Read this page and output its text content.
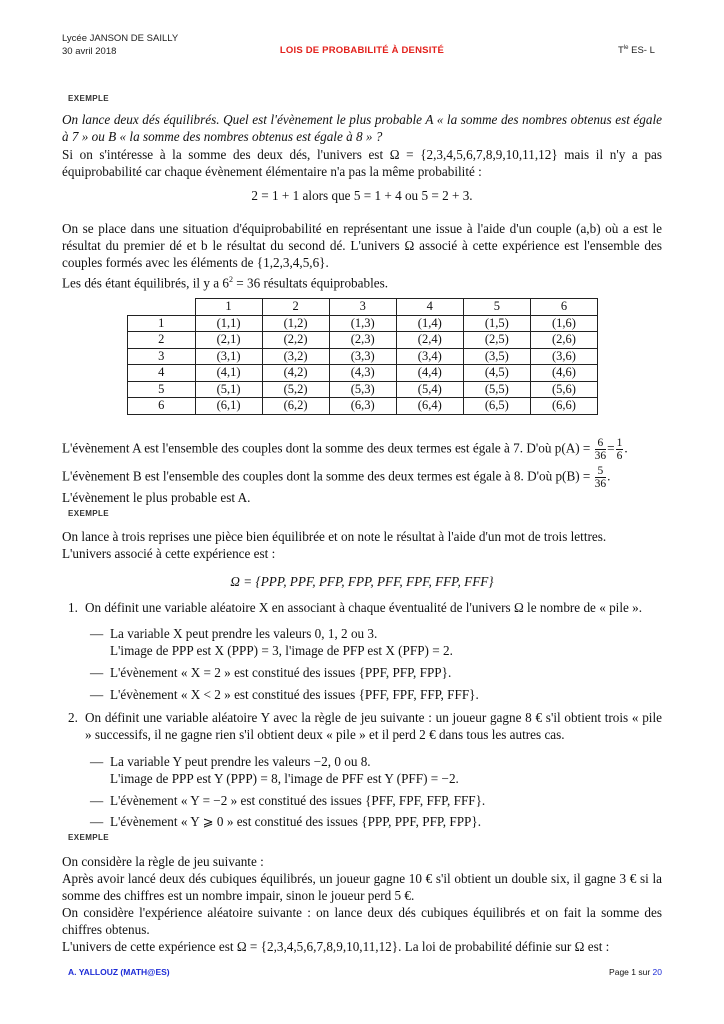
Lycée JANSON DE SAILLY
30 avril 2018	LOIS DE PROBABILITÉ À DENSITÉ	$T^{le}$ ES- L
EXEMPLE
On lance deux dés équilibrés. Quel est l'évènement le plus probable A « la somme des nombres obtenus est égale à 7 » ou B « la somme des nombres obtenus est égale à 8 » ?
Si on s'intéresse à la somme des deux dés, l'univers est Ω = {2,3,4,5,6,7,8,9,10,11,12} mais il n'y a pas équiprobabilité car chaque évènement élémentaire n'a pas la même probabilité :
2 = 1 + 1 alors que 5 = 1 + 4 ou 5 = 2 + 3.
On se place dans une situation d'équiprobabilité en représentant une issue à l'aide d'un couple (a,b) où a est le résultat du premier dé et b le résultat du second dé. L'univers Ω associé à cette expérience est l'ensemble des couples formés avec les éléments de {1,2,3,4,5,6}.
Les dés étant équilibrés, il y a $6^2 = 36$ résultats équiprobables.
	1	2	3	4	5	6
1	(1,1)	(1,2)	(1,3)	(1,4)	(1,5)	(1,6)
2	(2,1)	(2,2)	(2,3)	(2,4)	(2,5)	(2,6)
3	(3,1)	(3,2)	(3,3)	(3,4)	(3,5)	(3,6)
4	(4,1)	(4,2)	(4,3)	(4,4)	(4,5)	(4,6)
5	(5,1)	(5,2)	(5,3)	(5,4)	(5,5)	(5,6)
6	(6,1)	(6,2)	(6,3)	(6,4)	(6,5)	(6,6)
L'évènement A est l'ensemble des couples dont la somme des deux termes est égale à 7. D'où $p(A) = \frac{6}{36} = \frac{1}{6}$ .
L'évènement B est l'ensemble des couples dont la somme des deux termes est égale à 8. D'où $p(B) = \frac{5}{36}$ .
L'évènement le plus probable est A.
EXEMPLE
On lance à trois reprises une pièce bien équilibrée et on note le résultat à l'aide d'un mot de trois lettres.
L'univers associé à cette expérience est :
Ω = {PPP, PPF, PFP, FPP, PFF, FPF, FFP, FFF}
1. On définit une variable aléatoire X en associant à chaque éventualité de l'univers Ω le nombre de « pile ».
— La variable X peut prendre les valeurs 0, 1, 2 ou 3.
L'image de PPP est X (PPP) = 3, l'image de PFP est X (PFP) = 2.
— L'évènement « X = 2 » est constitué des issues {PPF, PFP, FPP}.
— L'évènement « X < 2 » est constitué des issues {PFF, FPF, FFP, FFF}.
2. On définit une variable aléatoire Y avec la règle de jeu suivante : un joueur gagne 8 € s'il obtient trois « pile » successifs, il ne gagne rien s'il obtient deux « pile » et il perd 2 € dans tous les autres cas.
— La variable Y peut prendre les valeurs −2, 0 ou 8.
L'image de PPP est Y (PPP) = 8, l'image de PFF est Y (PFF) = −2.
— L'évènement « Y = −2 » est constitué des issues {PFF, FPF, FFP, FFF}.
— L'évènement « Y ⩾ 0 » est constitué des issues {PPP, PPF, PFP, FPP}.
EXEMPLE
On considère la règle de jeu suivante :
Après avoir lancé deux dés cubiques équilibrés, un joueur gagne 10 € s'il obtient un double six, il gagne 3 € si la somme des chiffres est un nombre impair, sinon le joueur perd 5 €.
On considère l'expérience aléatoire suivante : on lance deux dés cubiques équilibrés et on fait la somme des chiffres obtenus.
L'univers de cette expérience est Ω = {2,3,4,5,6,7,8,9,10,11,12}. La loi de probabilité définie sur Ω est :
A. YALLOUZ (MATH@ES)	Page 1 sur 20
